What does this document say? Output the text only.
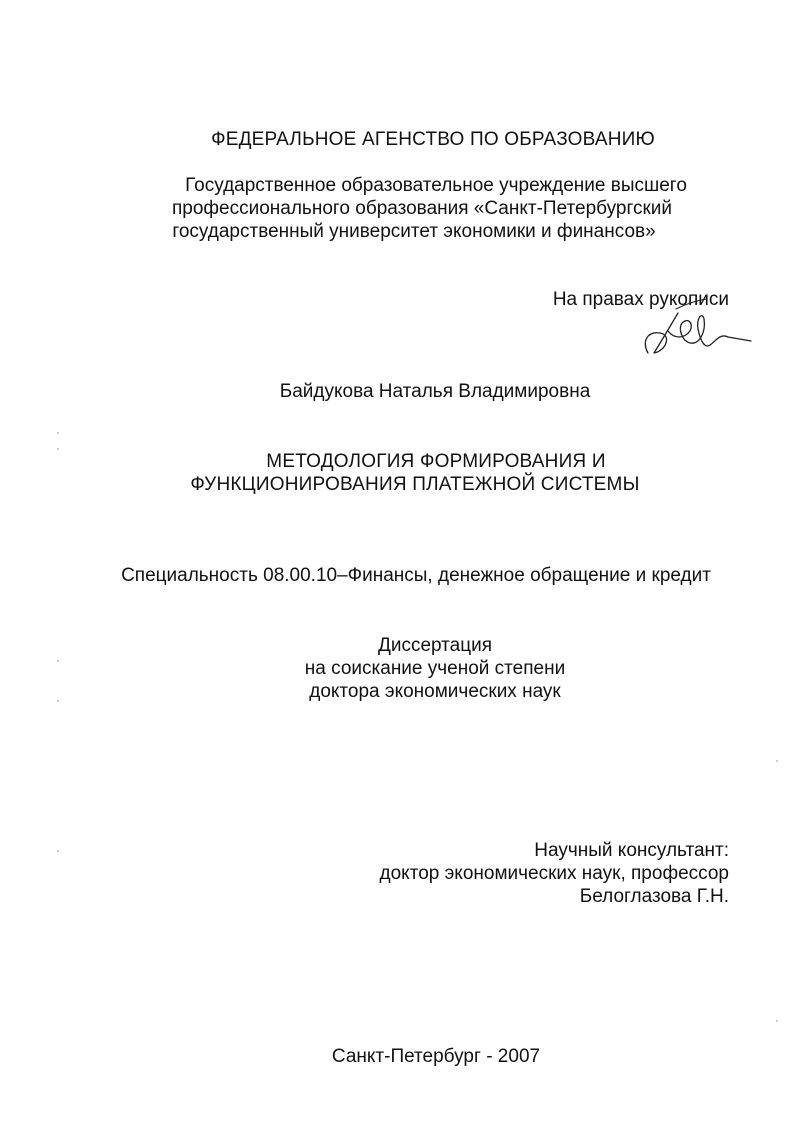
ФЕДЕРАЛЬНОЕ АГЕНСТВО ПО ОБРАЗОВАНИЮ
Государственное образовательное учреждение высшего
профессионального образования «Санкт-Петербургский
государственный университет экономики и финансов»
На правах рукописи
Байдукова Наталья Владимировна
МЕТОДОЛОГИЯ ФОРМИРОВАНИЯ И
ФУНКЦИОНИРОВАНИЯ ПЛАТЕЖНОЙ СИСТЕМЫ
Специальность 08.00.10–Финансы, денежное обращение и кредит
Диссертация
на соискание ученой степени
доктора экономических наук
Научный консультант:
доктор экономических наук, профессор
Белоглазова Г.Н.
Санкт-Петербург - 2007
